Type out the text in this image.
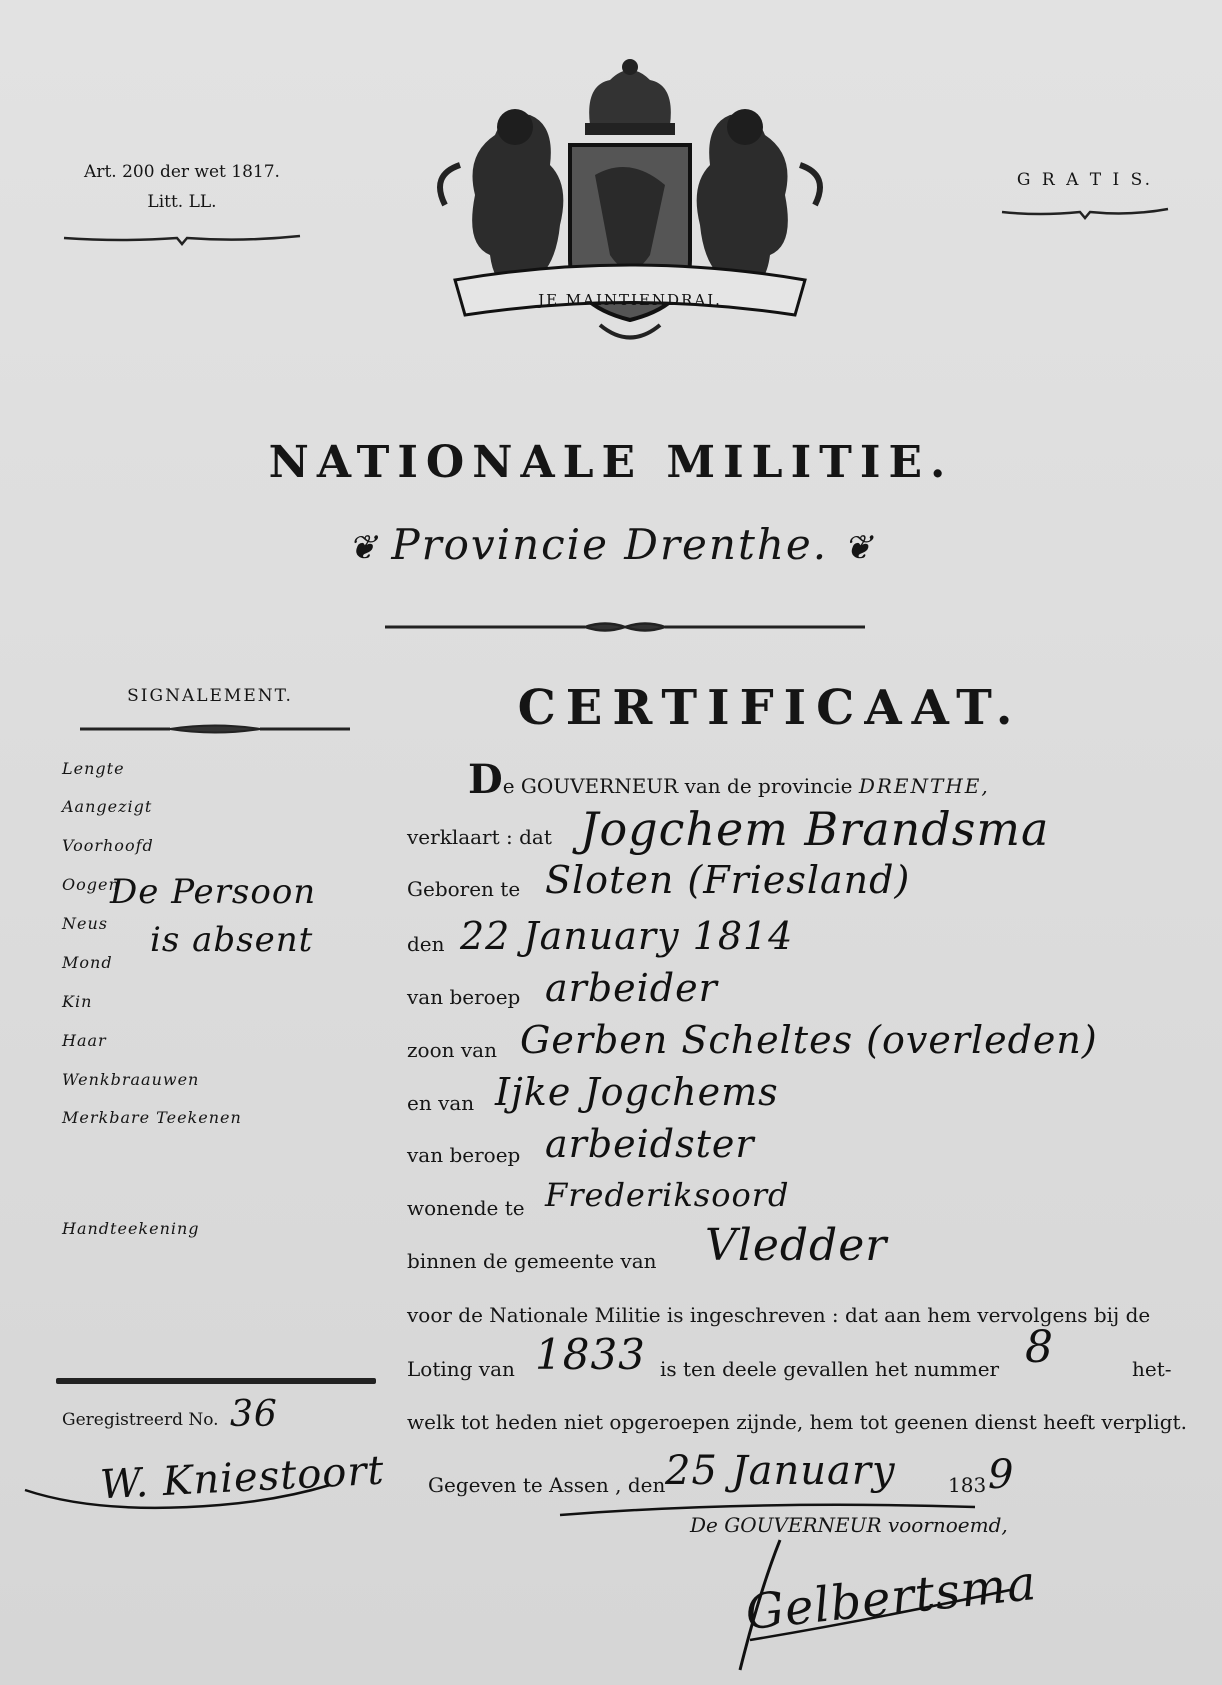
Art. 200 der wet 1817.
Litt. LL.
G R A T I S.
JE MAINTIENDRAI.
NATIONALE MILITIE.
❦ Provincie Drenthe. ❦
SIGNALEMENT.
Lengte
Aangezigt
Voorhoofd
Oogen
Neus
Mond
Kin
Haar
Wenkbraauwen
Merkbare Teekenen
De Persoon
is absent
Handteekening
Geregistreerd No. 36
W. Kniestoort
CERTIFICAAT.
De GOUVERNEUR van de provincie DRENTHE,
verklaart : dat Jogchem Brandsma
Geboren te Sloten (Friesland)
den 22 January 1814
van beroep arbeider
zoon van Gerben Scheltes (overleden)
en van Ijke Jogchems
van beroep arbeidster
wonende te Frederiksoord
binnen de gemeente van Vledder
voor de Nationale Militie is ingeschreven : dat aan hem vervolgens bij de
Loting van 1833 is ten deele gevallen het nummer 8	het-
welk tot heden niet opgeroepen zijnde, hem tot geenen dienst heeft verpligt.
Gegeven te Assen , den 25 January	183 9
De GOUVERNEUR voornoemd,
Gelbertsma
